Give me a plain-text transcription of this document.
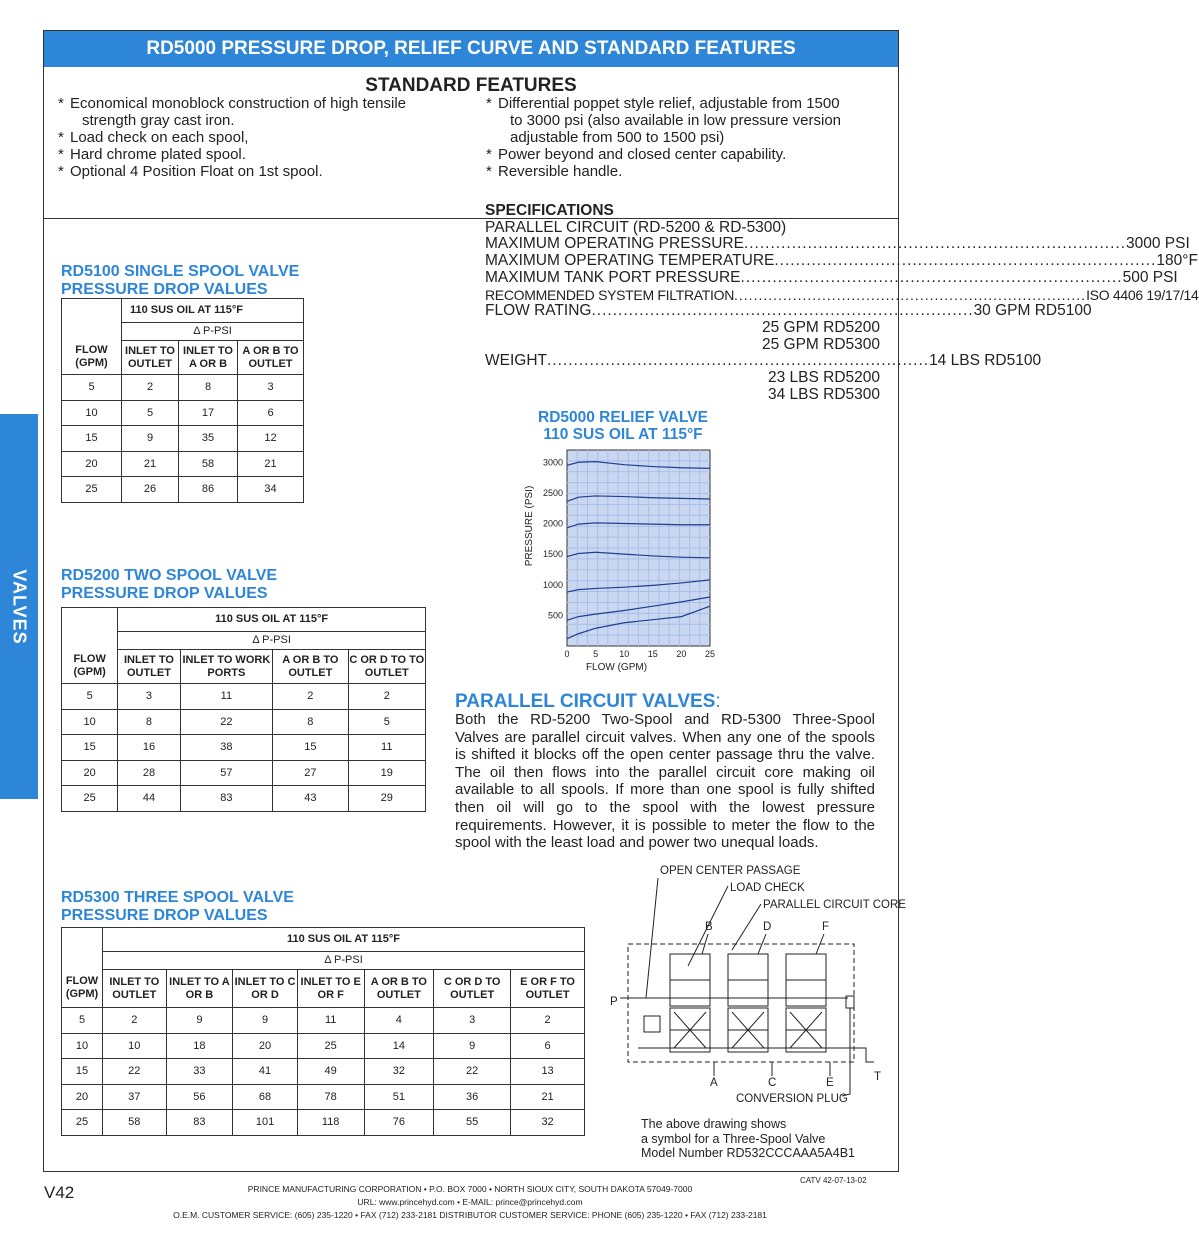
VALVES
RD5000 PRESSURE DROP, RELIEF CURVE AND STANDARD FEATURES
STANDARD FEATURES
* Economical monoblock construction of high tensile
strength gray cast iron.
* Load check on each spool,
* Hard chrome plated spool.
* Optional 4 Position Float on 1st spool.
* Differential poppet style relief, adjustable from 1500
to 3000 psi (also available in low pressure version
adjustable from 500 to 1500 psi)
* Power beyond and closed center capability.
* Reversible handle.
RD5100 SINGLE SPOOL VALVE
PRESSURE DROP VALUES
	110 SUS OIL AT 115°F		
	Δ P-PSI		
FLOW (GPM)	INLET TO OUTLET	INLET TO A OR B	A OR B TO OUTLET
5	2	8	3
10	5	17	6
15	9	35	12
20	21	58	21
25	26	86	34
RD5200 TWO SPOOL VALVE
PRESSURE DROP VALUES
	110 SUS OIL AT 115°F			
	Δ P-PSI			
FLOW (GPM)	INLET TO OUTLET	INLET TO WORK PORTS	A OR B TO OUTLET	C OR D TO TO OUTLET
5	3	11	2	2
10	8	22	8	5
15	16	38	15	11
20	28	57	27	19
25	44	83	43	29
RD5300 THREE SPOOL VALVE
PRESSURE DROP VALUES
	110 SUS OIL AT 115°F						
	Δ P-PSI						
FLOW (GPM)	INLET TO OUTLET	INLET TO A OR B	INLET TO C OR D	INLET TO E OR F	A OR B TO OUTLET	C OR D TO OUTLET	E OR F TO OUTLET
5	2	9	9	11	4	3	2
10	10	18	20	25	14	9	6
15	22	33	41	49	32	22	13
20	37	56	68	78	51	36	21
25	58	83	101	118	76	55	32
SPECIFICATIONS
PARALLEL CIRCUIT (RD-5200 & RD-5300)
MAXIMUM OPERATING PRESSURE ........................................................................ 3000 PSI
MAXIMUM OPERATING TEMPERATURE ........................................................................ 180°F
MAXIMUM TANK PORT PRESSURE ........................................................................ 500 PSI
RECOMMENDED SYSTEM FILTRATION ........................................................................ ISO 4406 19/17/14
FLOW RATING ........................................................................ 30 GPM RD5100
25 GPM RD5200
25 GPM RD5300
WEIGHT ........................................................................ 14 LBS RD5100
23 LBS RD5200
34 LBS RD5300
RD5000 RELIEF VALVE
110 SUS OIL AT 115°F
0	5 10 15 20 25
500
1000
1500
2000
2500
3000
FLOW (GPM)
PRESSURE (PSI)
PARALLEL CIRCUIT VALVES:
Both the RD-5200 Two-Spool and RD-5300 Three-Spool Valves are parallel circuit valves. When any one of the spools is shifted it blocks off the open center passage thru the valve. The oil then flows into the parallel circuit core making oil available to all spools. If more than one spool is fully shifted then oil will go to the spool with the lowest pressure requirements. However, it is possible to meter the flow to the spool with the least load and power two unequal loads.
OPEN CENTER PASSAGE
LOAD CHECK
PARALLEL CIRCUIT CORE
B	D	F
P
A	C	E	T
CONVERSION PLUG
The above drawing shows
a symbol for a Three-Spool Valve
Model Number RD532CCCAAA5A4B1
V42
CATV 42-07-13-02
PRINCE MANUFACTURING CORPORATION • P.O. BOX 7000 • NORTH SIOUX CITY, SOUTH DAKOTA 57049-7000
URL: www.princehyd.com • E-MAIL: prince@princehyd.com
O.E.M. CUSTOMER SERVICE: (605) 235-1220 • FAX (712) 233-2181 DISTRIBUTOR CUSTOMER SERVICE: PHONE (605) 235-1220 • FAX (712) 233-2181
